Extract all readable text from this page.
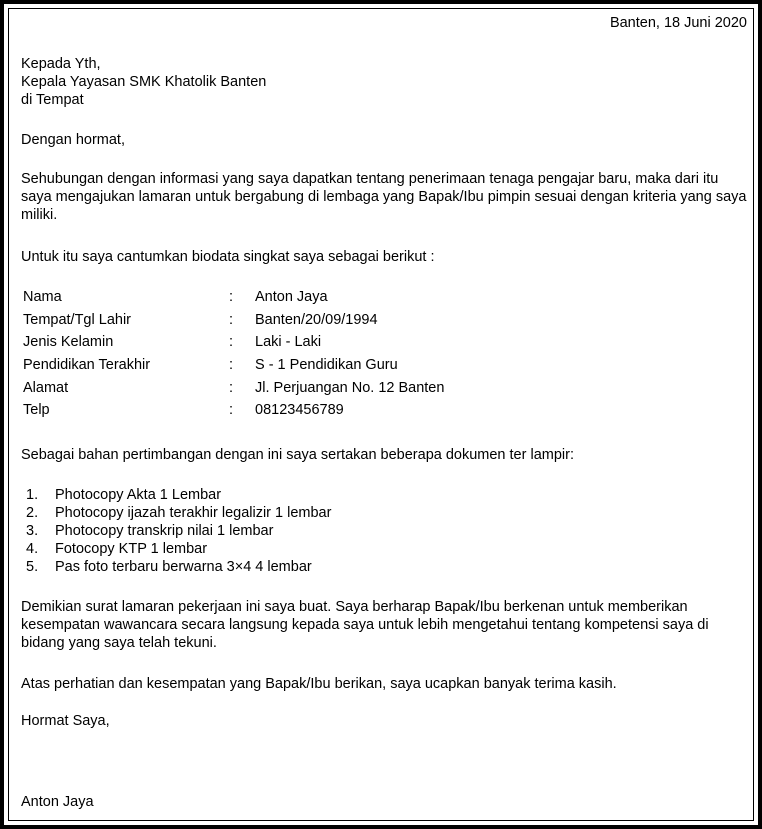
Banten, 18 Juni 2020
Kepada Yth,
Kepala Yayasan SMK Khatolik Banten
di Tempat
Dengan hormat,
Sehubungan dengan informasi yang saya dapatkan tentang penerimaan tenaga pengajar baru, maka dari itu saya mengajukan lamaran untuk bergabung di lembaga yang Bapak/Ibu pimpin sesuai dengan kriteria yang saya miliki.
Untuk itu saya cantumkan biodata singkat saya sebagai berikut :
Nama	:	Anton Jaya
Tempat/Tgl Lahir	:	Banten/20/09/1994
Jenis Kelamin	:	Laki - Laki
Pendidikan Terakhir	:	S - 1 Pendidikan Guru
Alamat	:	Jl. Perjuangan No. 12 Banten
Telp	:	08123456789
Sebagai bahan pertimbangan dengan ini saya sertakan beberapa dokumen ter lampir:
1. Photocopy Akta 1 Lembar
2. Photocopy ijazah terakhir legalizir 1 lembar
3. Photocopy transkrip nilai 1 lembar
4. Fotocopy KTP 1 lembar
5. Pas foto terbaru berwarna 3×4 4 lembar
Demikian surat lamaran pekerjaan ini saya buat. Saya berharap Bapak/Ibu berkenan untuk memberikan kesempatan wawancara secara langsung kepada saya untuk lebih mengetahui tentang kompetensi saya di bidang yang saya telah tekuni.
Atas perhatian dan kesempatan yang Bapak/Ibu berikan, saya ucapkan banyak terima kasih.
Hormat Saya,
Anton Jaya
